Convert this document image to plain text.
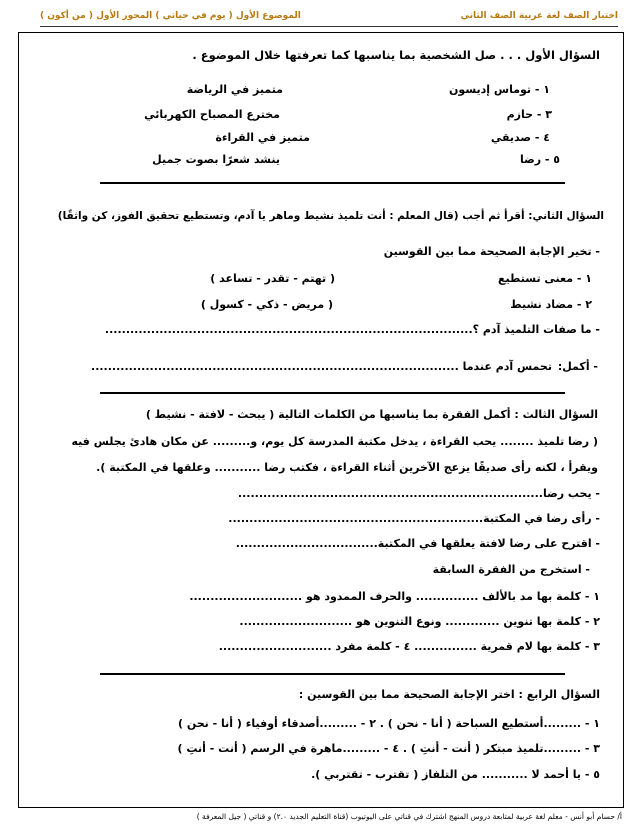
اختبار الصف لغة عربية الصف الثاني
الموضوع الأول ( يوم في حياتي ) المحور الأول ( من أكون )
السؤال الأول . . . صل الشخصية بما يناسبها كما تعرفتها خلال الموضوع .
١ - توماس إديسون
متميز في الرياضة
٣ - حازم
مخترع المصباح الكهربائي
٤ - صديقي
متميز في القراءة
٥ - رضا
ينشد شعرًا بصوت جميل
السؤال الثاني: أقرأ ثم أجب (قال المعلم : أنت تلميذ نشيط وماهر يا آدم، وتستطيع تحقيق الفوز، كن واثقًا)
- تخير الإجابة الصحيحة مما بين القوسين
١ - معنى تستطيع
( تهتم - تقدر - تساعد )
٢ - مضاد نشيط
( مريض - ذكي - كسول )
- ما صفات التلميذ آدم ؟........................................................................................
- أكمل:
تحمس آدم عندما ........................................................................................
السؤال الثالث : أكمل الفقرة بما يناسبها من الكلمات التالية ( يبحث - لافتة - نشيط )
( رضا تلميذ ........ يحب القراءة ، يدخل مكتبة المدرسة كل يوم، و......... عن مكان هادئ يجلس فيه
ويقرأ ، لكنه رأى صديقًا يزعج الآخرين أثناء القراءة ، فكتب رضا ........... وعلقها في المكتبة ).
- يحب رضا.........................................................................
- رأى رضا في المكتبة.............................................................
- اقترح على رضا لافتة يعلقها في المكتبة..................................
- استخرج من الفقرة السابقة
١ - كلمة بها مد بالألف ............... والحرف الممدود هو ...........................
٢ - كلمة بها تنوين ............. ونوع التنوين هو ...........................
٣ - كلمة بها لام قمرية ............... ٤ - كلمة مفرد ...........................
السؤال الرابع : اختر الإجابة الصحيحة مما بين القوسين :
١ - .........أستطيع السباحة ( أنا - نحن ) . ٢ - .........أصدقاء أوفياء ( أنا - نحن )
٣ - .........تلميذ مبتكر ( أنت - أنتِ ) . ٤ - .........ماهرة في الرسم ( أنت - أنتِ )
٥ - يا أحمد لا ........... من التلفاز ( تقترب - تقتربي ).
أ/ حسام أبو أنس - معلم لغة عربية لمتابعة دروس المنهج اشترك في قناتي على اليوتيوب (قناة التعليم الجديد ٢.٠) و قناتي ( جيل المعرفة )
